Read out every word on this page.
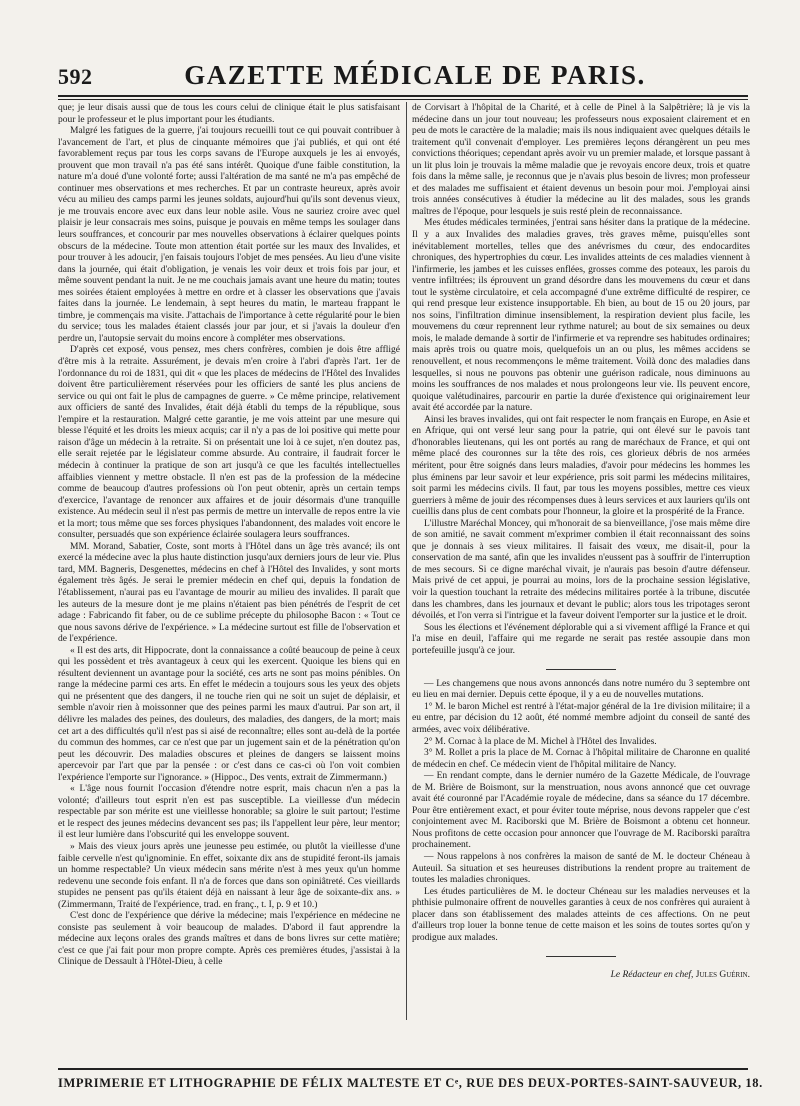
592	GAZETTE MÉDICALE DE PARIS.

que; je leur disais aussi que de tous les cours celui de clinique était le plus satisfaisant pour le professeur et le plus important pour les étudiants.

Malgré les fatigues de la guerre, j'ai toujours recueilli tout ce qui pouvait contribuer à l'avancement de l'art, et plus de cinquante mémoires que j'ai publiés, et qui ont été favorablement reçus par tous les corps savans de l'Europe auxquels je les ai envoyés, prouvent que mon travail n'a pas été sans intérêt. Quoique d'une faible constitution, la nature m'a doué d'une volonté forte; aussi l'altération de ma santé ne m'a pas empêché de continuer mes observations et mes recherches. Et par un contraste heureux, après avoir vécu au milieu des camps parmi les jeunes soldats, aujourd'hui qu'ils sont devenus vieux, je me trouvais encore avec eux dans leur noble asile. Vous ne sauriez croire avec quel plaisir je leur consacrais mes soins, puisque je pouvais en même temps les soulager dans leurs souffrances, et concourir par mes nouvelles observations à éclairer quelques points obscurs de la médecine. Toute mon attention était portée sur les maux des Invalides, et pour trouver à les adoucir, j'en faisais toujours l'objet de mes pensées. Au lieu d'une visite dans la journée, qui était d'obligation, je venais les voir deux et trois fois par jour, et même souvent pendant la nuit. Je ne me couchais jamais avant une heure du matin; toutes mes soirées étaient employées à mettre en ordre et à classer les observations que j'avais faites dans la journée. Le lendemain, à sept heures du matin, le marteau frappant le timbre, je commençais ma visite. J'attachais de l'importance à cette régularité pour le bien du service; tous les malades étaient classés jour par jour, et si j'avais la douleur d'en perdre un, l'autopsie servait du moins encore à compléter mes observations.

D'après cet exposé, vous pensez, mes chers confrères, combien je dois être affligé d'être mis à la retraite. Assurément, je devais m'en croire à l'abri d'après l'art. 1er de l'ordonnance du roi de 1831, qui dit « que les places de médecins de l'Hôtel des Invalides doivent être particulièrement réservées pour les officiers de santé les plus anciens de service ou qui ont fait le plus de campagnes de guerre. » Ce même principe, relativement aux officiers de santé des Invalides, était déjà établi du temps de la république, sous l'empire et la restauration. Malgré cette garantie, je me vois atteint par une mesure qui blesse l'équité et les droits les mieux acquis; car il n'y a pas de loi positive qui mette pour raison d'âge un médecin à la retraite. Si on présentait une loi à ce sujet, n'en doutez pas, elle serait rejetée par le législateur comme absurde. Au contraire, il faudrait forcer le médecin à continuer la pratique de son art jusqu'à ce que les facultés intellectuelles affaiblies viennent y mettre obstacle. Il n'en est pas de la profession de la médecine comme de beaucoup d'autres professions où l'on peut obtenir, après un certain temps d'exercice, l'avantage de renoncer aux affaires et de jouir désormais d'une tranquille existence. Au médecin seul il n'est pas permis de mettre un intervalle de repos entre la vie et la mort; tous même que ses forces physiques l'abandonnent, des malades voit encore le consulter, persuadés que son expérience éclairée soulagera leurs souffrances.

MM. Morand, Sabatier, Coste, sont morts à l'Hôtel dans un âge très avancé; ils ont exercé la médecine avec la plus haute distinction jusqu'aux derniers jours de leur vie. Plus tard, MM. Bagneris, Desgenettes, médecins en chef à l'Hôtel des Invalides, y sont morts également très âgés. Je serai le premier médecin en chef qui, depuis la fondation de l'établissement, n'aurai pas eu l'avantage de mourir au milieu des invalides. Il paraît que les auteurs de la mesure dont je me plains n'étaient pas bien pénétrés de l'esprit de cet adage : Fabricando fit faber, ou de ce sublime précepte du philosophe Bacon : « Tout ce que nous savons dérive de l'expérience. » La médecine surtout est fille de l'observation et de l'expérience.

« Il est des arts, dit Hippocrate, dont la connaissance a coûté beaucoup de peine à ceux qui les possèdent et très avantageux à ceux qui les exercent. Quoique les biens qui en résultent deviennent un avantage pour la société, ces arts ne sont pas moins pénibles. On range la médecine parmi ces arts. En effet le médecin a toujours sous les yeux des objets qui ne présentent que des dangers, il ne touche rien qui ne soit un sujet de déplaisir, et semble n'avoir rien à moissonner que des peines parmi les maux d'autrui. Par son art, il délivre les malades des peines, des douleurs, des maladies, des dangers, de la mort; mais cet art a des difficultés qu'il n'est pas si aisé de reconnaître; elles sont au-delà de la portée du commun des hommes, car ce n'est que par un jugement sain et de la pénétration qu'on peut les découvrir. Des maladies obscures et pleines de dangers se laissent moins apercevoir par l'art que par la pensée : or c'est dans ce cas-ci où l'on voit combien l'expérience l'emporte sur l'ignorance. » (Hippoc., Des vents, extrait de Zimmermann.)

« L'âge nous fournit l'occasion d'étendre notre esprit, mais chacun n'en a pas la volonté; d'ailleurs tout esprit n'en est pas susceptible. La vieillesse d'un médecin respectable par son mérite est une vieillesse honorable; sa gloire le suit partout; l'estime et le respect des jeunes médecins devancent ses pas; ils l'appellent leur père, leur mentor; il est leur lumière dans l'obscurité qui les enveloppe souvent.

» Mais des vieux jours après une jeunesse peu estimée, ou plutôt la vieillesse d'une faible cervelle n'est qu'ignominie. En effet, soixante dix ans de stupidité feront-ils jamais un homme respectable? Un vieux médecin sans mérite n'est à mes yeux qu'un homme redevenu une seconde fois enfant. Il n'a de forces que dans son opiniâtreté. Ces vieillards stupides ne pensent pas qu'ils étaient déjà en naissant à leur âge de soixante-dix ans. » (Zimmermann, Traité de l'expérience, trad. en franç., t. I, p. 9 et 10.)

C'est donc de l'expérience que dérive la médecine; mais l'expérience en médecine ne consiste pas seulement à voir beaucoup de malades. D'abord il faut apprendre la médecine aux leçons orales des grands maîtres et dans de bons livres sur cette matière; c'est ce que j'ai fait pour mon propre compte. Après ces premières études, j'assistai à la Clinique de Dessault à l'Hôtel-Dieu, à celle

de Corvisart à l'hôpital de la Charité, et à celle de Pinel à la Salpêtrière; là je vis la médecine dans un jour tout nouveau; les professeurs nous exposaient clairement et en peu de mots le caractère de la maladie; mais ils nous indiquaient avec quelques détails le traitement qu'il convenait d'employer. Les premières leçons dérangèrent un peu mes convictions théoriques; cependant après avoir vu un premier malade, et lorsque passant à un lit plus loin je trouvais la même maladie que je revoyais encore deux, trois et quatre fois dans la même salle, je reconnus que je n'avais plus besoin de livres; mon professeur et des malades me suffisaient et étaient devenus un besoin pour moi. J'employai ainsi trois années consécutives à étudier la médecine au lit des malades, sous les grands maîtres de l'époque, pour lesquels je suis resté plein de reconnaissance.

Mes études médicales terminées, j'entrai sans hésiter dans la pratique de la médecine. Il y a aux Invalides des maladies graves, très graves même, puisqu'elles sont inévitablement mortelles, telles que des anévrismes du cœur, des endocardites chroniques, des hypertrophies du cœur. Les invalides atteints de ces maladies viennent à l'infirmerie, les jambes et les cuisses enflées, grosses comme des poteaux, les parois du ventre infiltrées; ils éprouvent un grand désordre dans les mouvemens du cœur et dans tout le système circulatoire, et cela accompagné d'une extrême difficulté de respirer, ce qui rend presque leur existence insupportable. Eh bien, au bout de 15 ou 20 jours, par nos soins, l'infiltration diminue insensiblement, la respiration devient plus facile, les mouvemens du cœur reprennent leur rythme naturel; au bout de six semaines ou deux mois, le malade demande à sortir de l'infirmerie et va reprendre ses habitudes ordinaires; mais après trois ou quatre mois, quelquefois un an ou plus, les mêmes accidens se renouvellent, et nous recommençons le même traitement. Voilà donc des maladies dans lesquelles, si nous ne pouvons pas obtenir une guérison radicale, nous diminuons au moins les souffrances de nos malades et nous prolongeons leur vie. Ils peuvent encore, quoique valétudinaires, parcourir en partie la durée d'existence qui originairement leur avait été accordée par la nature.

Ainsi les braves invalides, qui ont fait respecter le nom français en Europe, en Asie et en Afrique, qui ont versé leur sang pour la patrie, qui ont élevé sur le pavois tant d'honorables lieutenans, qui les ont portés au rang de maréchaux de France, et qui ont même placé des couronnes sur la tête des rois, ces glorieux débris de nos armées méritent, pour être soignés dans leurs maladies, d'avoir pour médecins les hommes les plus éminens par leur savoir et leur expérience, pris soit parmi les médecins militaires, soit parmi les médecins civils. Il faut, par tous les moyens possibles, mettre ces vieux guerriers à même de jouir des récompenses dues à leurs services et aux lauriers qu'ils ont cueillis dans plus de cent combats pour l'honneur, la gloire et la prospérité de la France.

L'illustre Maréchal Moncey, qui m'honorait de sa bienveillance, j'ose mais même dire de son amitié, ne savait comment m'exprimer combien il était reconnaissant des soins que je donnais à ses vieux militaires. Il faisait des vœux, me disait-il, pour la conservation de ma santé, afin que les invalides n'eussent pas à souffrir de l'interruption de mes secours. Si ce digne maréchal vivait, je n'aurais pas besoin d'autre défenseur. Mais privé de cet appui, je pourrai au moins, lors de la prochaine session législative, voir la question touchant la retraite des médecins militaires portée à la tribune, discutée dans les chambres, dans les journaux et devant le public; alors tous les tripotages seront dévoilés, et l'on verra si l'intrigue et la faveur doivent l'emporter sur la justice et le droit.

Sous les élections et l'événement déplorable qui a si vivement affligé la France et qui l'a mise en deuil, l'affaire qui me regarde ne serait pas restée assoupie dans mon portefeuille jusqu'à ce jour.

— Les changemens que nous avons annoncés dans notre numéro du 3 septembre ont eu lieu en mai dernier. Depuis cette époque, il y a eu de nouvelles mutations.

1° M. le baron Michel est rentré à l'état-major général de la 1re division militaire; il a eu entre, par décision du 12 août, été nommé membre adjoint du conseil de santé des armées, avec voix délibérative.

2° M. Cornac à la place de M. Michel à l'Hôtel des Invalides.

3° M. Rollet a pris la place de M. Cornac à l'hôpital militaire de Charonne en qualité de médecin en chef. Ce médecin vient de l'hôpital militaire de Nancy.

— En rendant compte, dans le dernier numéro de la Gazette Médicale, de l'ouvrage de M. Brière de Boismont, sur la menstruation, nous avons annoncé que cet ouvrage avait été couronné par l'Académie royale de médecine, dans sa séance du 17 décembre. Pour être entièrement exact, et pour éviter toute méprise, nous devons rappeler que c'est conjointement avec M. Raciborski que M. Brière de Boismont a obtenu cet honneur. Nous profitons de cette occasion pour annoncer que l'ouvrage de M. Raciborski paraîtra prochainement.

— Nous rappelons à nos confrères la maison de santé de M. le docteur Chéneau à Auteuil. Sa situation et ses heureuses distributions la rendent propre au traitement de toutes les maladies chroniques.

Les études particulières de M. le docteur Chéneau sur les maladies nerveuses et la phthisie pulmonaire offrent de nouvelles garanties à ceux de nos confrères qui auraient à placer dans son établissement des malades atteints de ces affections. On ne peut d'ailleurs trop louer la bonne tenue de cette maison et les soins de toutes sortes qu'on y prodigue aux malades.

Le Rédacteur en chef, Jules Guérin.

IMPRIMERIE ET LITHOGRAPHIE DE FÉLIX MALTESTE ET Cᵉ, RUE DES DEUX-PORTES-SAINT-SAUVEUR, 18.
